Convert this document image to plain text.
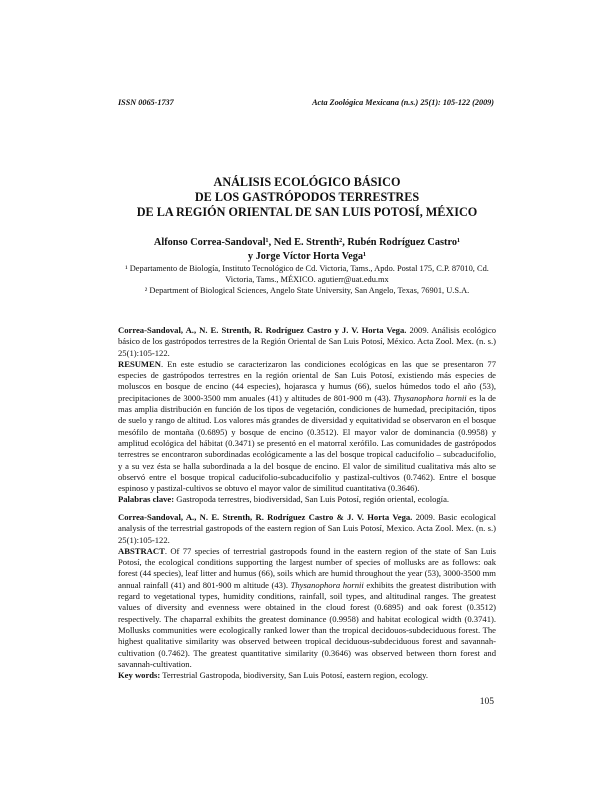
ISSN 0065-1737	Acta Zoológica Mexicana (n.s.) 25(1): 105-122 (2009)
ANÁLISIS ECOLÓGICO BÁSICO
DE LOS GASTRÓPODOS TERRESTRES
DE LA REGIÓN ORIENTAL DE SAN LUIS POTOSÍ, MÉXICO
Alfonso Correa-Sandoval¹, Ned E. Strenth², Rubén Rodríguez Castro¹
y Jorge Víctor Horta Vega¹
¹ Departamento de Biología, Instituto Tecnológico de Cd. Victoria, Tams., Apdo. Postal 175, C.P. 87010, Cd. Victoria, Tams., MÉXICO. agutierr@uat.edu.mx
² Department of Biological Sciences, Angelo State University, San Angelo, Texas, 76901, U.S.A.

Correa-Sandoval, A., N. E. Strenth, R. Rodríguez Castro y J. V. Horta Vega. 2009. Análisis ecológico básico de los gastrópodos terrestres de la Región Oriental de San Luis Potosí, México. Acta Zool. Mex. (n. s.) 25(1):105-122.

RESUMEN. En este estudio se caracterizaron las condiciones ecológicas en las que se presentaron 77 especies de gastrópodos terrestres en la región oriental de San Luis Potosí, existiendo más especies de moluscos en bosque de encino (44 especies), hojarasca y humus (66), suelos húmedos todo el año (53), precipitaciones de 3000-3500 mm anuales (41) y altitudes de 801-900 m (43). Thysanophora hornii es la de mas amplia distribución en función de los tipos de vegetación, condiciones de humedad, precipitación, tipos de suelo y rango de altitud. Los valores más grandes de diversidad y equitatividad se observaron en el bosque mesófilo de montaña (0.6895) y bosque de encino (0.3512). El mayor valor de dominancia (0.9958) y amplitud ecológica del hábitat (0.3471) se presentó en el matorral xerófilo. Las comunidades de gastrópodos terrestres se encontraron subordinadas ecológicamente a las del bosque tropical caducifolio – subcaducifolio, y a su vez ésta se halla subordinada a la del bosque de encino. El valor de similitud cualitativa más alto se observó entre el bosque tropical caducifolio-subcaducifolio y pastizal-cultivos (0.7462). Entre el bosque espinoso y pastizal-cultivos se obtuvo el mayor valor de similitud cuantitativa (0.3646).

Palabras clave: Gastropoda terrestres, biodiversidad, San Luis Potosí, región oriental, ecología.

Correa-Sandoval, A., N. E. Strenth, R. Rodríguez Castro & J. V. Horta Vega. 2009. Basic ecological analysis of the terrestrial gastropods of the eastern region of San Luis Potosí, Mexico. Acta Zool. Mex. (n. s.) 25(1):105-122.

ABSTRACT. Of 77 species of terrestrial gastropods found in the eastern region of the state of San Luis Potosí, the ecological conditions supporting the largest number of species of mollusks are as follows: oak forest (44 species), leaf litter and humus (66), soils which are humid throughout the year (53), 3000-3500 mm annual rainfall (41) and 801-900 m altitude (43). Thysanophora hornii exhibits the greatest distribution with regard to vegetational types, humidity conditions, rainfall, soil types, and altitudinal ranges. The greatest values of diversity and evenness were obtained in the cloud forest (0.6895) and oak forest (0.3512) respectively. The chaparral exhibits the greatest dominance (0.9958) and habitat ecological width (0.3741). Mollusks communities were ecologically ranked lower than the tropical decidouos-subdeciduous forest. The highest qualitative similarity was observed between tropical deciduous-subdeciduous forest and savannah-cultivation (0.7462). The greatest quantitative similarity (0.3646) was observed between thorn forest and savannah-cultivation.

Key words: Terrestrial Gastropoda, biodiversity, San Luis Potosí, eastern region, ecology.

105
